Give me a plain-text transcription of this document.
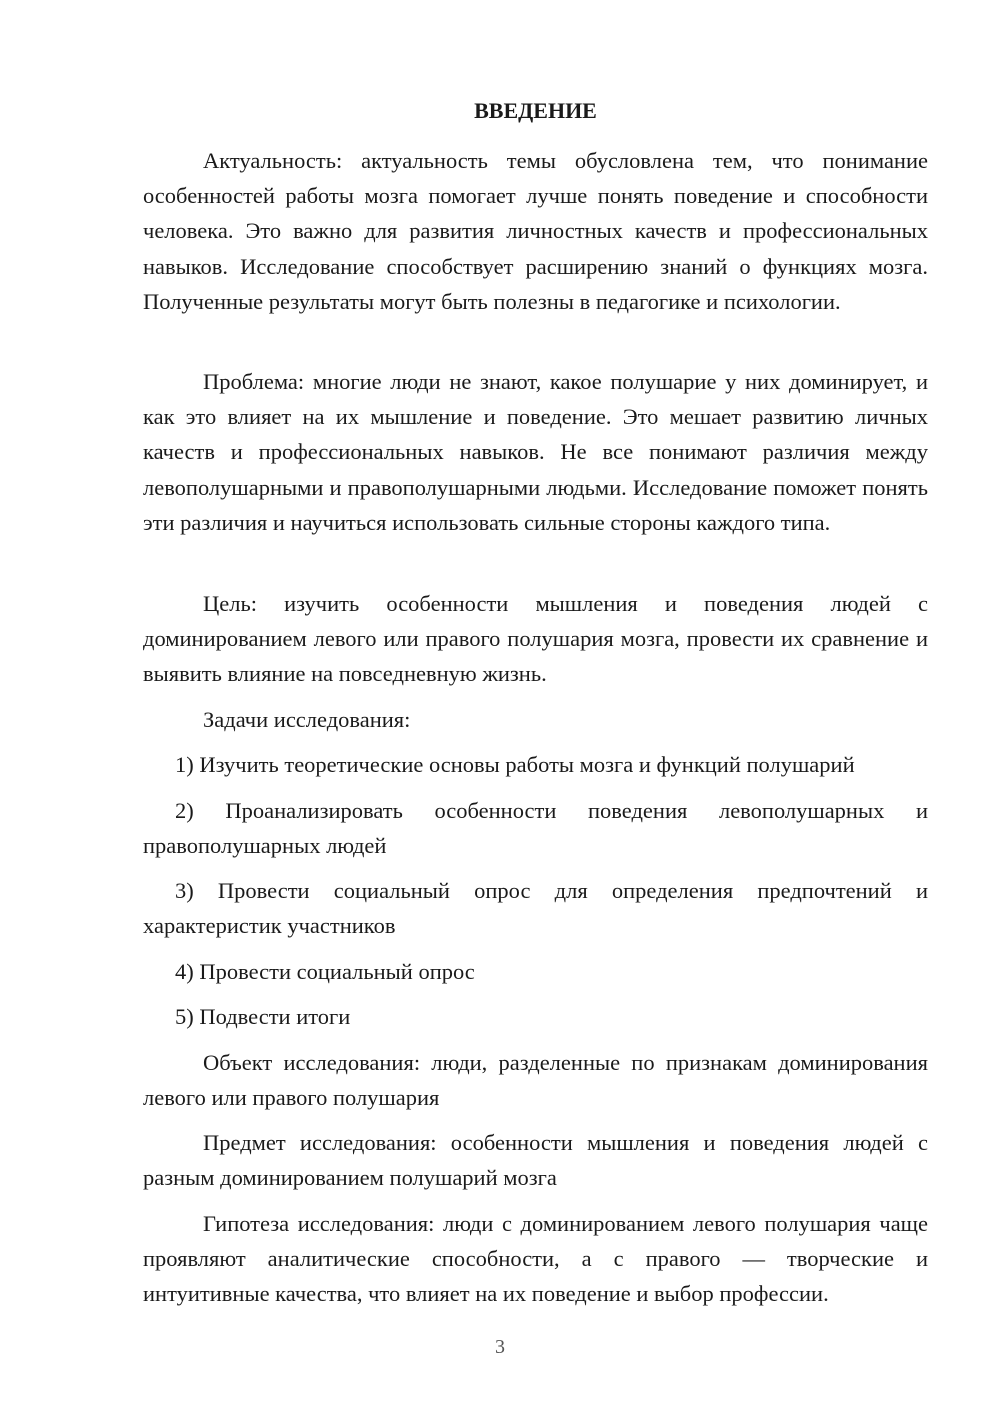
ВВЕДЕНИЕ

Актуальность: актуальность темы обусловлена тем, что понимание особенностей работы мозга помогает лучше понять поведение и способности человека. Это важно для развития личностных качеств и профессиональных навыков. Исследование способствует расширению знаний о функциях мозга. Полученные результаты могут быть полезны в педагогике и психологии.

Проблема: многие люди не знают, какое полушарие у них доминирует, и как это влияет на их мышление и поведение. Это мешает развитию личных качеств и профессиональных навыков. Не все понимают различия между левополушарными и правополушарными людьми. Исследование поможет понять эти различия и научиться использовать сильные стороны каждого типа.

Цель: изучить особенности мышления и поведения людей с доминированием левого или правого полушария мозга, провести их сравнение и выявить влияние на повседневную жизнь.

Задачи исследования:

1) Изучить теоретические основы работы мозга и функций полушарий

2) Проанализировать особенности поведения левополушарных и правополушарных людей

3) Провести социальный опрос для определения предпочтений и характеристик участников

4) Провести социальный опрос

5) Подвести итоги

Объект исследования: люди, разделенные по признакам доминирования левого или правого полушария

Предмет исследования: особенности мышления и поведения людей с разным доминированием полушарий мозга

Гипотеза исследования: люди с доминированием левого полушария чаще проявляют аналитические способности, а с правого — творческие и интуитивные качества, что влияет на их поведение и выбор профессии.

3
